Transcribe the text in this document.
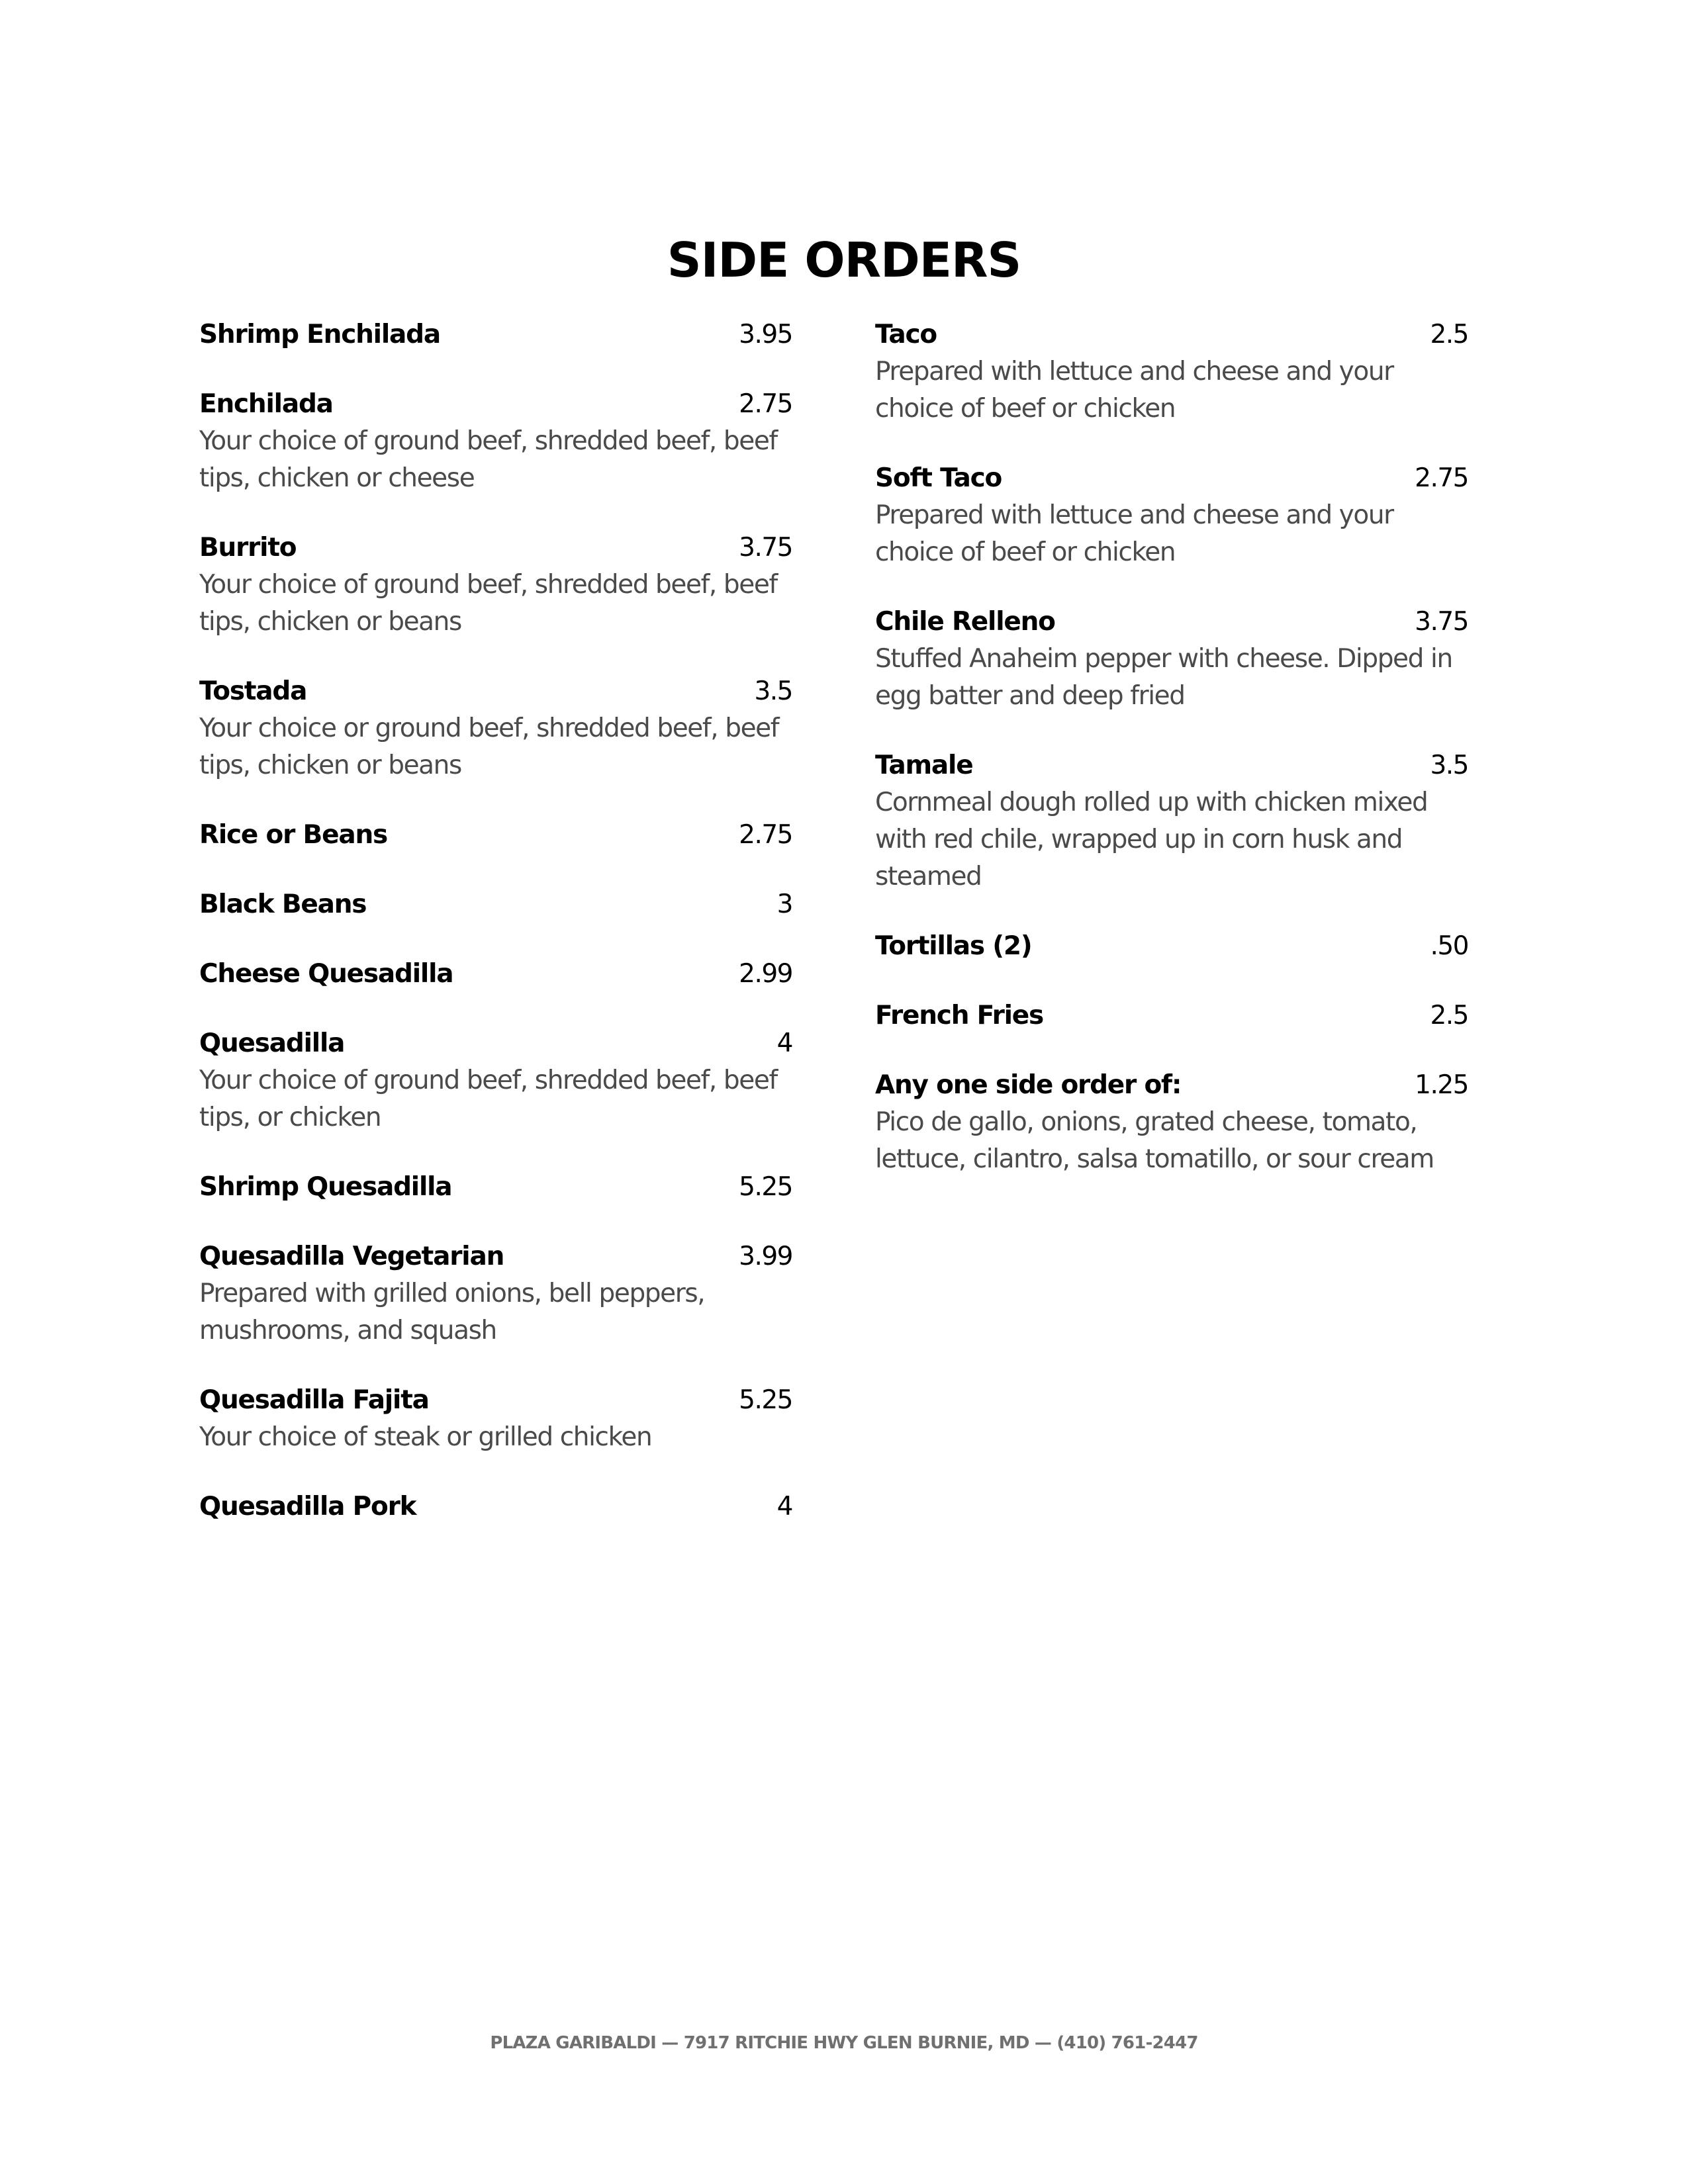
SIDE ORDERS
Shrimp Enchilada	3.95
Enchilada	2.75
Your choice of ground beef, shredded beef, beef tips, chicken or cheese
Burrito	3.75
Your choice of ground beef, shredded beef, beef tips, chicken or beans
Tostada	3.5
Your choice or ground beef, shredded beef, beef tips, chicken or beans
Rice or Beans	2.75
Black Beans	3
Cheese Quesadilla	2.99
Quesadilla	4
Your choice of ground beef, shredded beef, beef tips, or chicken
Shrimp Quesadilla	5.25
Quesadilla Vegetarian	3.99
Prepared with grilled onions, bell peppers, mushrooms, and squash
Quesadilla Fajita	5.25
Your choice of steak or grilled chicken
Quesadilla Pork	4
Taco	2.5
Prepared with lettuce and cheese and your choice of beef or chicken
Soft Taco	2.75
Prepared with lettuce and cheese and your choice of beef or chicken
Chile Relleno	3.75
Stuffed Anaheim pepper with cheese. Dipped in egg batter and deep fried
Tamale	3.5
Cornmeal dough rolled up with chicken mixed with red chile, wrapped up in corn husk and steamed
Tortillas (2)	.50
French Fries	2.5
Any one side order of:	1.25
Pico de gallo, onions, grated cheese, tomato, lettuce, cilantro, salsa tomatillo, or sour cream
PLAZA GARIBALDI — 7917 RITCHIE HWY GLEN BURNIE, MD — (410) 761-2447
